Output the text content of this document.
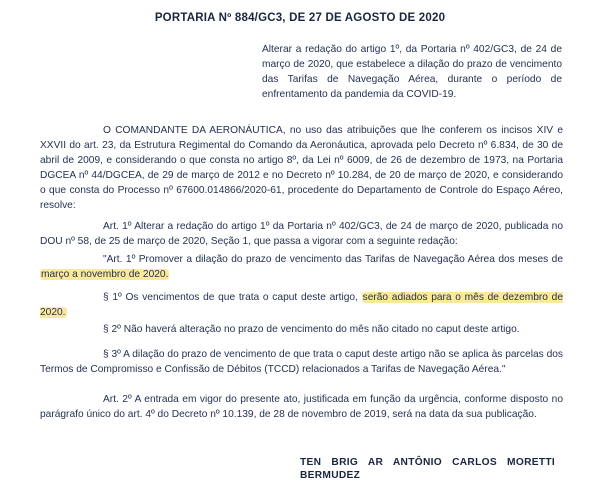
PORTARIA Nº 884/GC3, DE 27 DE AGOSTO DE 2020

Alterar a redação do artigo 1º, da Portaria nº 402/GC3, de 24 de março de 2020, que estabelece a dilação do prazo de vencimento das Tarifas de Navegação Aérea, durante o período de enfrentamento da pandemia da COVID-19.

O COMANDANTE DA AERONÁUTICA, no uso das atribuições que lhe conferem os incisos XIV e XXVII do art. 23, da Estrutura Regimental do Comando da Aeronáutica, aprovada pelo Decreto nº 6.834, de 30 de abril de 2009, e considerando o que consta no artigo 8º, da Lei nº 6009, de 26 de dezembro de 1973, na Portaria DGCEA nº 44/DGCEA, de 29 de março de 2012 e no Decreto nº 10.284, de 20 de março de 2020, e considerando o que consta do Processo nº 67600.014866/2020-61, procedente do Departamento de Controle do Espaço Aéreo, resolve:

Art. 1º Alterar a redação do artigo 1º da Portaria nº 402/GC3, de 24 de março de 2020, publicada no DOU nº 58, de 25 de março de 2020, Seção 1, que passa a vigorar com a seguinte redação:

"Art. 1º Promover a dilação do prazo de vencimento das Tarifas de Navegação Aérea dos meses de março a novembro de 2020.

§ 1º Os vencimentos de que trata o caput deste artigo, serão adiados para o mês de dezembro de 2020.

§ 2º Não haverá alteração no prazo de vencimento do mês não citado no caput deste artigo.

§ 3º A dilação do prazo de vencimento de que trata o caput deste artigo não se aplica às parcelas dos Termos de Compromisso e Confissão de Débitos (TCCD) relacionados a Tarifas de Navegação Aérea."

Art. 2º A entrada em vigor do presente ato, justificada em função da urgência, conforme disposto no parágrafo único do art. 4º do Decreto nº 10.139, de 28 de novembro de 2019, será na data da sua publicação.

TEN BRIG AR ANTÔNIO CARLOS MORETTI BERMUDEZ
